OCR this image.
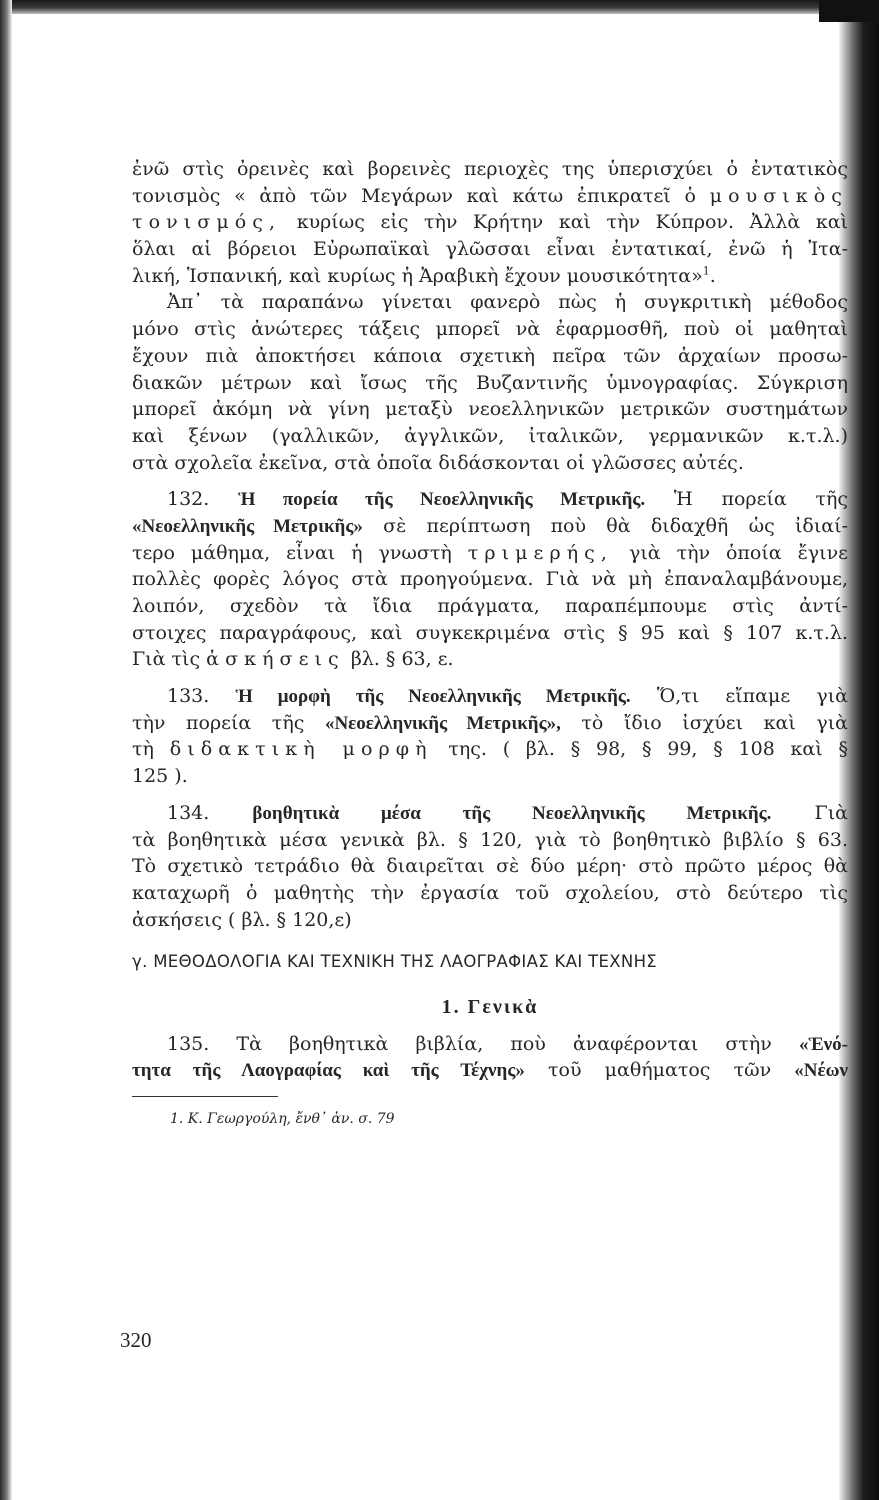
ἐνῶ στὶς ὀρεινὲς καὶ βορεινὲς περιοχὲς της ὑπερισχύει ὁ ἐντατικὸς
τονισμὸς « ἀπὸ τῶν Μεγάρων καὶ κάτω ἐπικρατεῖ ὁ μουσικὸς
τονισμός, κυρίως εἰς τὴν Κρήτην καὶ τὴν Κύπρον. Ἀλλὰ καὶ
ὅλαι αἱ βόρειοι Εὐρωπαϊκαὶ γλῶσσαι εἶναι ἐντατικαί, ἐνῶ ἡ Ἰτα-
λική, Ἱσπανική, καὶ κυρίως ἡ Ἀραβικὴ ἔχουν μουσικότητα»$^1$.
Ἀπ᾽ τὰ παραπάνω γίνεται φανερὸ πὼς ἡ συγκριτικὴ μέθοδος
μόνο στὶς ἀνώτερες τάξεις μπορεῖ νὰ ἐφαρμοσθῆ, ποὺ οἱ μαθηταὶ
ἔχουν πιὰ ἀποκτήσει κάποια σχετικὴ πεῖρα τῶν ἀρχαίων προσω-
διακῶν μέτρων καὶ ἴσως τῆς Βυζαντινῆς ὑμνογραφίας. Σύγκριση
μπορεῖ ἀκόμη νὰ γίνη μεταξὺ νεοελληνικῶν μετρικῶν συστημάτων
καὶ ξένων (γαλλικῶν, ἀγγλικῶν, ἰταλικῶν, γερμανικῶν κ.τ.λ.)
στὰ σχολεῖα ἐκεῖνα, στὰ ὁποῖα διδάσκονται οἱ γλῶσσες αὐτές.
132. Ἡ πορεία τῆς Νεοελληνικῆς Μετρικῆς. Ἡ πορεία τῆς
«Νεοελληνικῆς Μετρικῆς» σὲ περίπτωση ποὺ θὰ διδαχθῆ ὡς ἰδιαί-
τερο μάθημα, εἶναι ἡ γνωστὴ τριμερής, γιὰ τὴν ὁποία ἔγινε
πολλὲς φορὲς λόγος στὰ προηγούμενα. Γιὰ νὰ μὴ ἐπαναλαμβάνουμε,
λοιπόν, σχεδὸν τὰ ἴδια πράγματα, παραπέμπουμε στὶς ἀντί-
στοιχες παραγράφους, καὶ συγκεκριμένα στὶς § 95 καὶ § 107 κ.τ.λ.
Γιὰ τὶς ἀσκήσεις βλ. § 63, ε.
133. Ἡ μορφὴ τῆς Νεοελληνικῆς Μετρικῆς. Ὅ,τι εἴπαμε γιὰ
τὴν πορεία τῆς «Νεοελληνικῆς Μετρικῆς», τὸ ἴδιο ἰσχύει καὶ γιὰ
τὴ διδακτικὴ μορφὴ της. ( βλ. § 98, § 99, § 108 καὶ §
125 ).
134. βοηθητικὰ μέσα τῆς Νεοελληνικῆς Μετρικῆς. Γιὰ
τὰ βοηθητικὰ μέσα γενικὰ βλ. § 120, γιὰ τὸ βοηθητικὸ βιβλίο § 63.
Τὸ σχετικὸ τετράδιο θὰ διαιρεῖται σὲ δύο μέρη· στὸ πρῶτο μέρος θὰ
καταχωρῆ ὁ μαθητὴς τὴν ἐργασία τοῦ σχολείου, στὸ δεύτερο τὶς
ἀσκήσεις ( βλ. § 120,ε)
γ. ΜΕΘΟΔΟΛΟΓΙΑ ΚΑΙ ΤΕΧΝΙΚΗ ΤΗΣ ΛΑΟΓΡΑΦΙΑΣ ΚΑΙ ΤΕΧΝΗΣ
1. Γενικὰ
135. Τὰ βοηθητικὰ βιβλία, ποὺ ἀναφέρονται στὴν «Ἑνό-
τητα τῆς Λαογραφίας καὶ τῆς Τέχνης» τοῦ μαθήματος τῶν «Νέων
1. Κ. Γεωργούλη, ἔνθ᾽ ἀν. σ. 79
320
